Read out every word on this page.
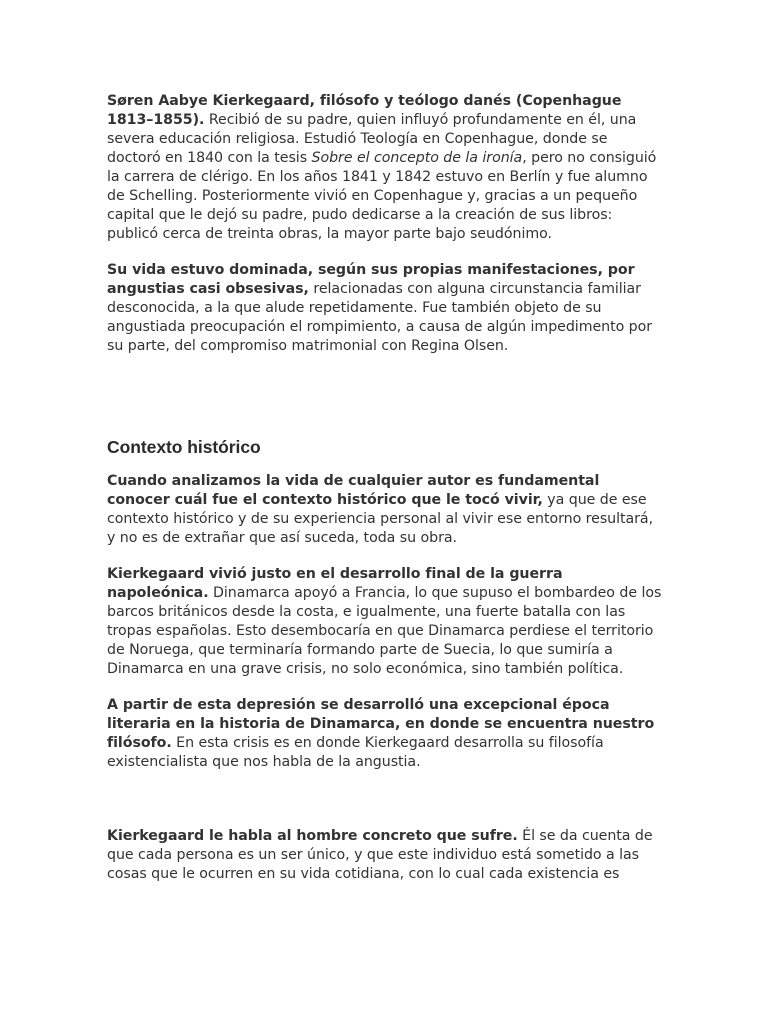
Søren Aabye Kierkegaard, filósofo y teólogo danés (Copenhague 1813–1855). Recibió de su padre, quien influyó profundamente en él, una severa educación religiosa. Estudió Teología en Copenhague, donde se doctoró en 1840 con la tesis Sobre el concepto de la ironía, pero no consiguió la carrera de clérigo. En los años 1841 y 1842 estuvo en Berlín y fue alumno de Schelling. Posteriormente vivió en Copenhague y, gracias a un pequeño capital que le dejó su padre, pudo dedicarse a la creación de sus libros: publicó cerca de treinta obras, la mayor parte bajo seudónimo.

Su vida estuvo dominada, según sus propias manifestaciones, por angustias casi obsesivas, relacionadas con alguna circunstancia familiar desconocida, a la que alude repetidamente. Fue también objeto de su angustiada preocupación el rompimiento, a causa de algún impedimento por su parte, del compromiso matrimonial con Regina Olsen.

Contexto histórico

Cuando analizamos la vida de cualquier autor es fundamental conocer cuál fue el contexto histórico que le tocó vivir, ya que de ese contexto histórico y de su experiencia personal al vivir ese entorno resultará, y no es de extrañar que así suceda, toda su obra.

Kierkegaard vivió justo en el desarrollo final de la guerra napoleónica. Dinamarca apoyó a Francia, lo que supuso el bombardeo de los barcos británicos desde la costa, e igualmente, una fuerte batalla con las tropas españolas. Esto desembocaría en que Dinamarca perdiese el territorio de Noruega, que terminaría formando parte de Suecia, lo que sumiría a Dinamarca en una grave crisis, no solo económica, sino también política.

A partir de esta depresión se desarrolló una excepcional época literaria en la historia de Dinamarca, en donde se encuentra nuestro filósofo. En esta crisis es en donde Kierkegaard desarrolla su filosofía existencialista que nos habla de la angustia.

Kierkegaard le habla al hombre concreto que sufre. Él se da cuenta de que cada persona es un ser único, y que este individuo está sometido a las cosas que le ocurren en su vida cotidiana, con lo cual cada existencia es
